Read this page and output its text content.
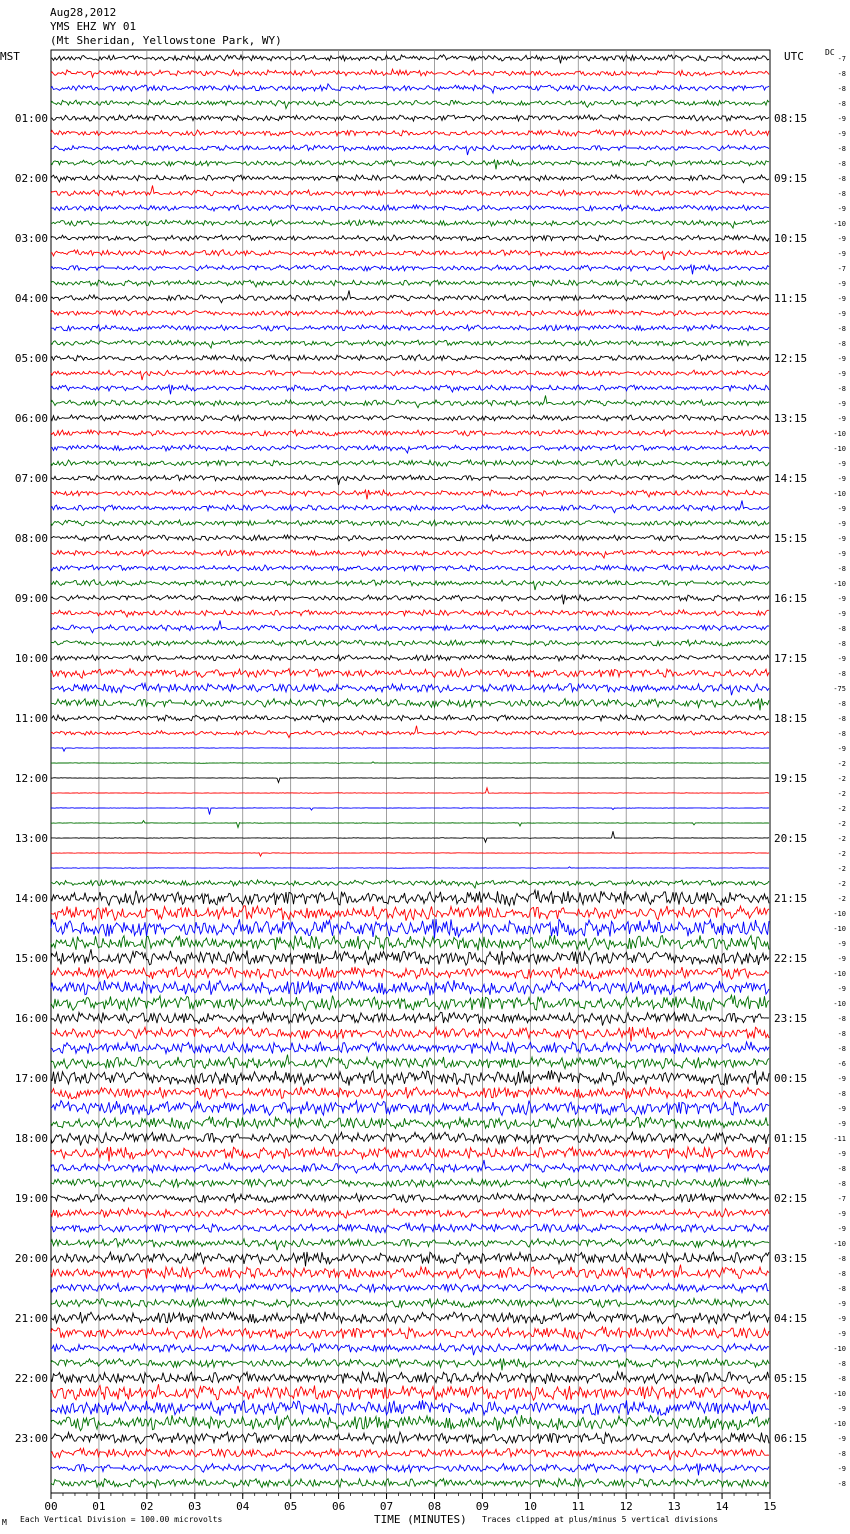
00	01	02	03	04	05	06	07	08	09	10	11	12	13	14	15
01:00
02:00
03:00
04:00
05:00
06:00
07:00
08:00
09:00
10:00
11:00
12:00
13:00
14:00
15:00
16:00
17:00
18:00
19:00
20:00
21:00
22:00
23:00
08:15
09:15
10:15
11:15
12:15
13:15
14:15
15:15
16:15
17:15
18:15
19:15
20:15
21:15
22:15
23:15
00:15
01:15
02:15
03:15
04:15
05:15
06:15
-7
-8
-8
-8
-9
-9
-8
-8
-8
-8
-9
-10
-9
-9
-7
-9
-9
-9
-8
-8
-9
-9
-8
-9
-9
-10
-10
-9
-9
-10
-9
-9
-9
-9
-8
-10
-9
-9
-8
-8
-9
-8
-75
-8
-8
-8
-9
-2
-2
-2
-2
-2
-2
-2
-2
-2
-2
-10
-10
-9
-9
-10
-9
-10
-8
-8
-8
-6
-9
-8
-9
-9
-11
-9
-8
-8
-7
-9
-9
-10
-8
-8
-8
-9
-9
-9
-10
-8
-8
-10
-9
-10
-9
-8
-9
-8
Aug28,2012
YMS EHZ WY 01
(Mt Sheridan, Yellowstone Park, WY)
MST	UTC	DC
M Each Vertical Division = 100.00 microvolts	TIME (MINUTES) Traces clipped at plus/minus 5 vertical divisions
